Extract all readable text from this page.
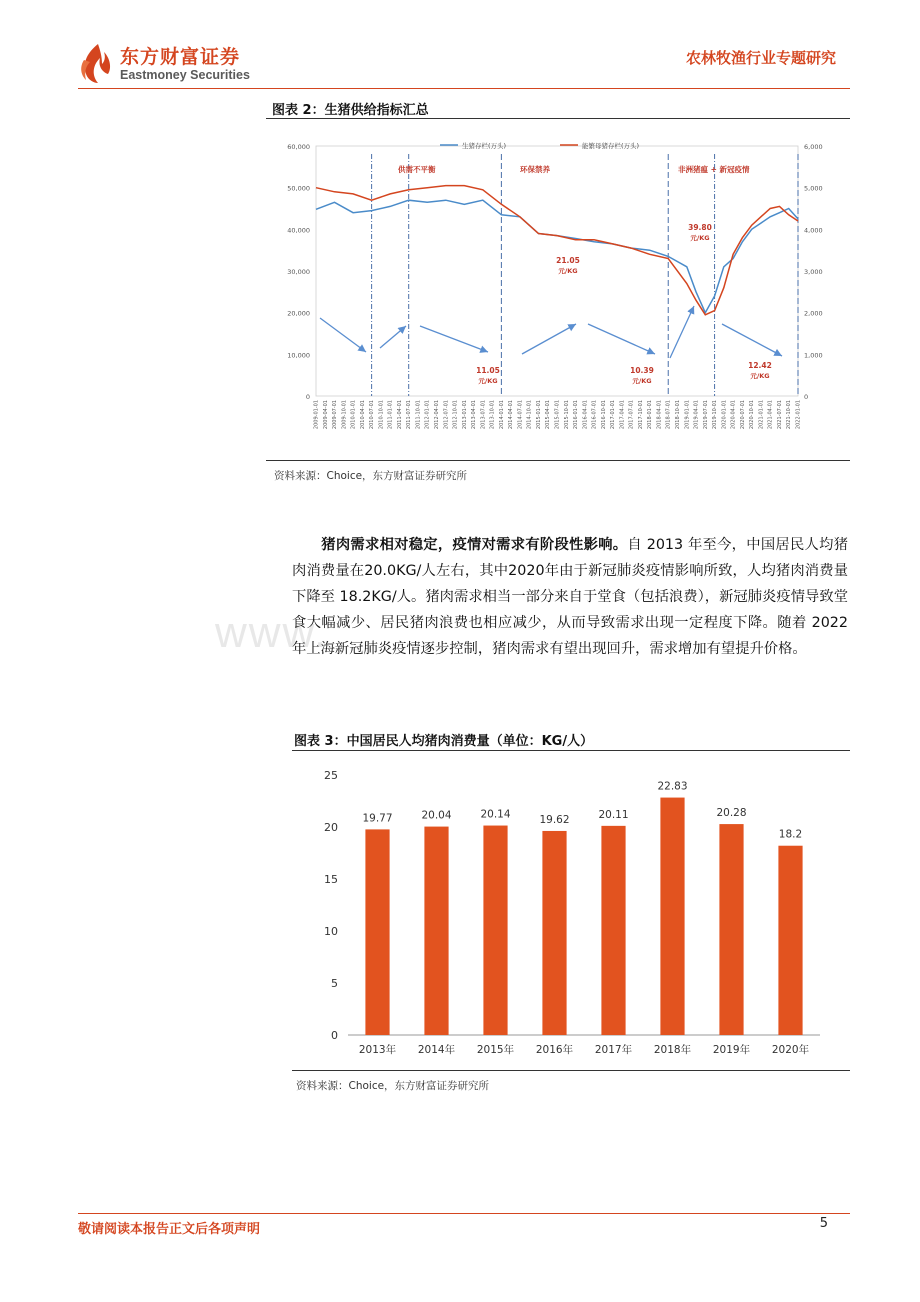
东方财富证券
Eastmoney Securities
农林牧渔行业专题研究
图表 2：生猪供给指标汇总
0
10,000
20,000
30,000
40,000
50,000
60,000
0
1,000
2,000
3,000
4,000
5,000
6,000
2009-01-01 2009-04-01 2009-07-01 2009-10-01 2010-01-01 2010-04-01 2010-07-01 2010-10-01 2011-01-01 2011-04-01 2011-07-01 2011-10-01 2012-01-01 2012-04-01 2012-07-01 2012-10-01 2013-01-01 2013-04-01 2013-07-01 2013-10-01 2014-01-01 2014-04-01 2014-07-01 2014-10-01 2015-01-01 2015-04-01 2015-07-01 2015-10-01 2016-01-01 2016-04-01 2016-07-01 2016-10-01 2017-01-01 2017-04-01 2017-07-01 2017-10-01 2018-01-01 2018-04-01 2018-07-01 2018-10-01 2019-01-01 2019-04-01 2019-07-01 2019-10-01 2020-01-01 2020-04-01 2020-07-01 2020-10-01 2021-01-01 2021-04-01 2021-07-01 2021-10-01 2022-01-01
生猪存栏(万头)	能繁母猪存栏(万头)
供需不平衡	环保禁养	非洲猪瘟 + 新冠疫情
11.05
元/KG
21.05
元/KG
10.39
元/KG
39.80
元/KG
12.42
元/KG
资料来源：Choice，东方财富证券研究所
www.
猪肉需求相对稳定，疫情对需求有阶段性影响。自 2013 年至今，中国居民人均猪肉消费量在20.0KG/人左右，其中2020年由于新冠肺炎疫情影响所致，人均猪肉消费量下降至 18.2KG/人。猪肉需求相当一部分来自于堂食（包括浪费），新冠肺炎疫情导致堂食大幅减少、居民猪肉浪费也相应减少，从而导致需求出现一定程度下降。随着 2022 年上海新冠肺炎疫情逐步控制，猪肉需求有望出现回升，需求增加有望提升价格。
图表 3：中国居民人均猪肉消费量（单位：KG/人）
0
5
10
15
20
25
19.77
2013年
20.04
2014年
20.14
2015年
19.62
2016年
20.11
2017年
22.83
2018年
20.28
2019年
18.2
2020年
资料来源：Choice，东方财富证券研究所
敬请阅读本报告正文后各项声明	5
